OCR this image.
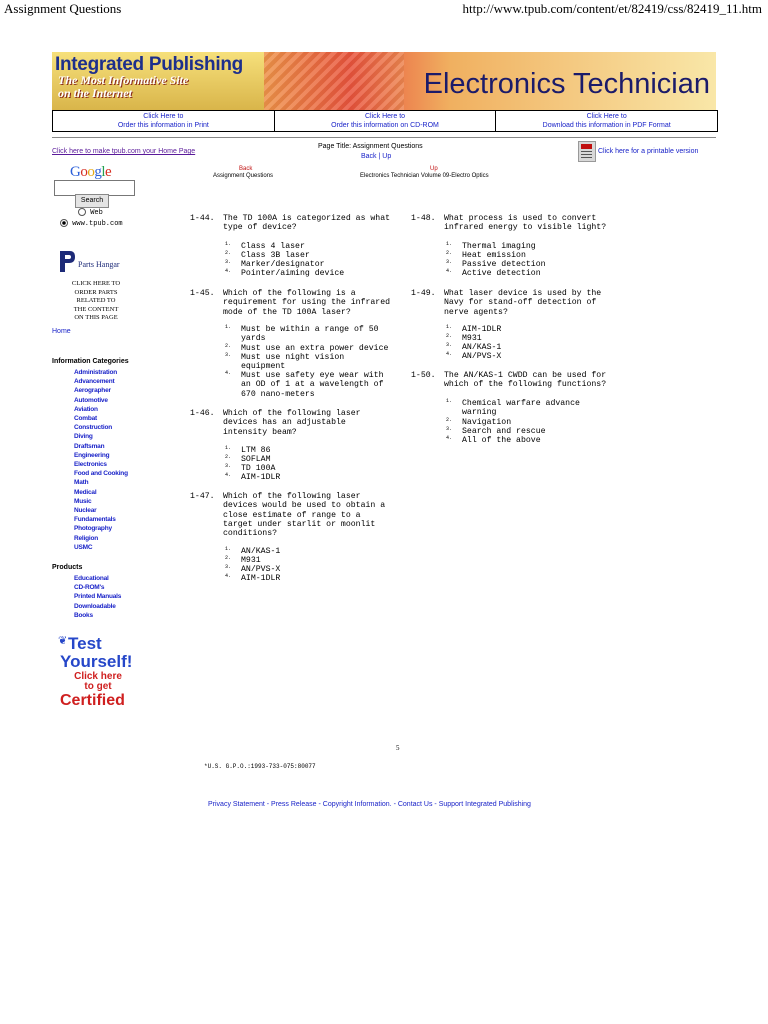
Assignment Questions	http://www.tpub.com/content/et/82419/css/82419_11.htm
Integrated Publishing
The Most Informative Site
on the Internet	Electronics Technician
Click Here to
Order this information in Print
Click Here to
Order this information on CD-ROM
Click Here to
Download this information in PDF Format
Click here to make tpub.com your Home Page
Page Title: Assignment Questions
Back | Up
Click here for a printable version
Back
Assignment Questions
Up
Electronics Technician Volume 09-Electro Optics
Google
Search
Web
www.tpub.com
Parts Hangar
CLICK HERE TO
ORDER PARTS
RELATED TO
THE CONTENT
ON THIS PAGE
Home
Information Categories
Administration
Advancement
Aerographer
Automotive
Aviation
Combat
Construction
Diving
Draftsman
Engineering
Electronics
Food and Cooking
Math
Medical
Music
Nuclear
Fundamentals
Photography
Religion
USMC
Products
Educational
CD-ROM's
Printed Manuals
Downloadable
Books
❦ Test
Yourself!
Click here
to get
Certified
1-44. The TD 100A is categorized as what
type of device?
1. Class 4 laser
2. Class 3B laser
3. Marker/designator
4. Pointer/aiming device
1-45. Which of the following is a
requirement for using the infrared
mode of the TD 100A laser?
1. Must be within a range of 50
yards
2. Must use an extra power device
3. Must use night vision
equipment
4. Must use safety eye wear with
an OD of 1 at a wavelength of
670 nano-meters
1-46. Which of the following laser
devices has an adjustable
intensity beam?
1. LTM 86
2. SOFLAM
3. TD 100A
4. AIM-1DLR
1-47. Which of the following laser
devices would be used to obtain a
close estimate of range to a
target under starlit or moonlit
conditions?
1. AN/KAS-1
2. M931
3. AN/PVS-X
4. AIM-1DLR
1-48. What process is used to convert
infrared energy to visible light?
1. Thermal imaging
2. Heat emission
3. Passive detection
4. Active detection
1-49. What laser device is used by the
Navy for stand-off detection of
nerve agents?
1. AIM-1DLR
2. M931
3. AN/KAS-1
4. AN/PVS-X
1-50. The AN/KAS-1 CWDD can be used for
which of the following functions?
1. Chemical warfare advance
warning
2. Navigation
3. Search and rescue
4. All of the above
5
*U.S. G.P.O.:1993-733-075:80077
Privacy Statement - Press Release - Copyright Information. - Contact Us - Support Integrated Publishing
